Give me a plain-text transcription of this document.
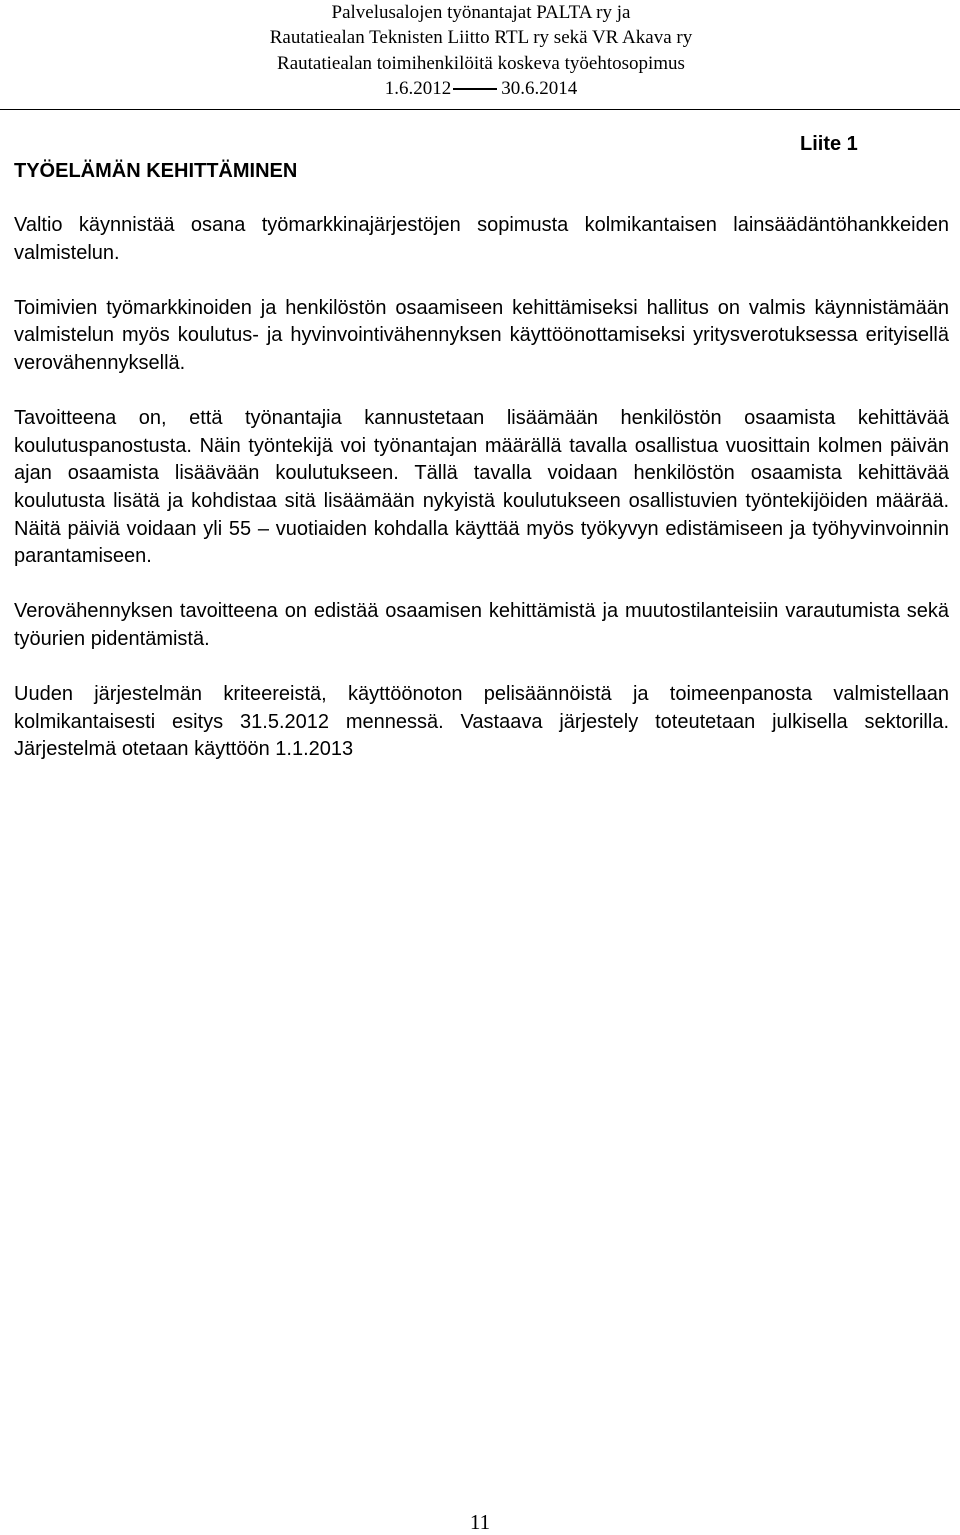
Palvelusalojen työnantajat PALTA ry ja
Rautatiealan Teknisten Liitto RTL ry sekä VR Akava ry
Rautatiealan toimihenkilöitä koskeva työehtosopimus
1.6.2012	30.6.2014
Liite 1
TYÖELÄMÄN KEHITTÄMINEN

Valtio käynnistää osana työmarkkinajärjestöjen sopimusta kolmikantaisen lainsäädäntöhankkeiden valmistelun.

Toimivien työmarkkinoiden ja henkilöstön osaamiseen kehittämiseksi hallitus on valmis käynnistämään valmistelun myös koulutus- ja hyvinvointivähennyksen käyttöönottamiseksi yritysverotuksessa erityisellä verovähennyksellä.

Tavoitteena on, että työnantajia kannustetaan lisäämään henkilöstön osaamista kehittävää koulutuspanostusta. Näin työntekijä voi työnantajan määrällä tavalla osallistua vuosittain kolmen päivän ajan osaamista lisäävään koulutukseen. Tällä tavalla voidaan henkilöstön osaamista kehittävää koulutusta lisätä ja kohdistaa sitä lisäämään nykyistä koulutukseen osallistuvien työntekijöiden määrää. Näitä päiviä voidaan yli 55 – vuotiaiden kohdalla käyttää myös työkyvyn edistämiseen ja työhyvinvoinnin parantamiseen.

Verovähennyksen tavoitteena on edistää osaamisen kehittämistä ja muutostilanteisiin varautumista sekä työurien pidentämistä.

Uuden järjestelmän kriteereistä, käyttöönoton pelisäännöistä ja toimeenpanosta valmistellaan kolmikantaisesti esitys 31.5.2012 mennessä. Vastaava järjestely toteutetaan julkisella sektorilla. Järjestelmä otetaan käyttöön 1.1.2013

11
